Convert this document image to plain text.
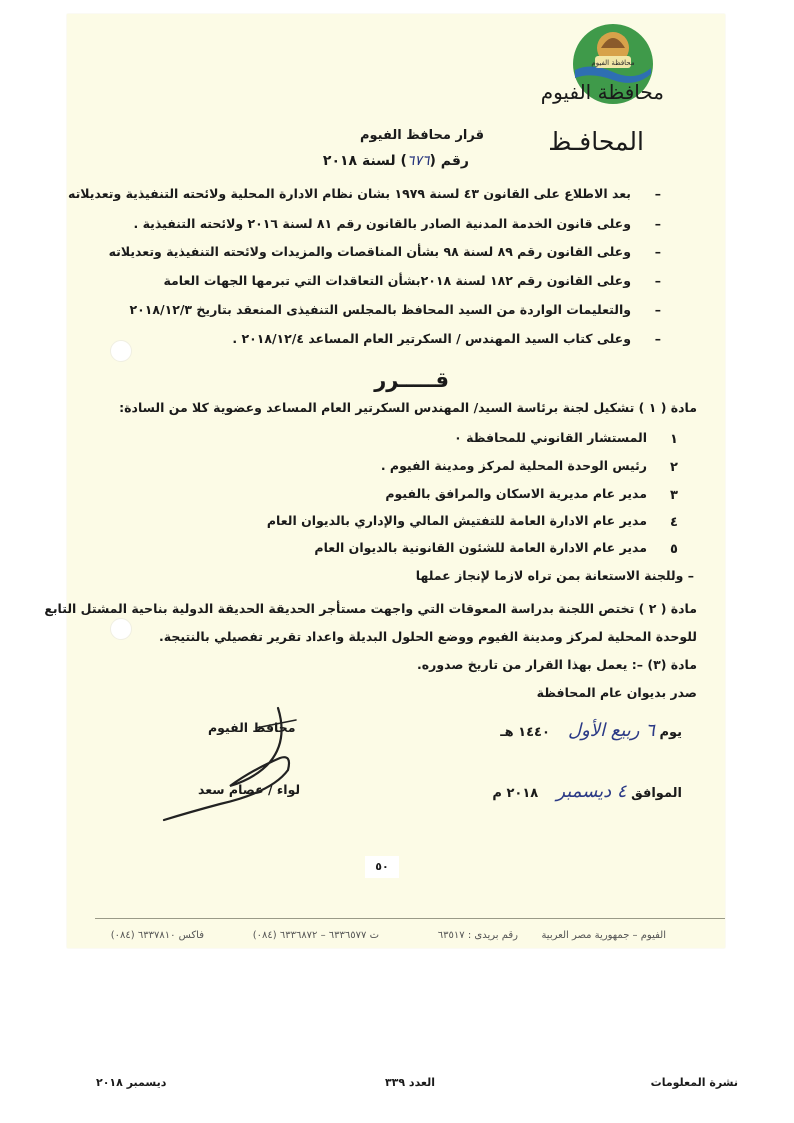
محافظة الفيوم
محافظة الفيوم
المحافـظ
قرار محافظ الفيوم
رقم (٦٧٦) لسنة ٢٠١٨
–بعد الاطلاع على القانون ٤٣ لسنة ١٩٧٩ بشان نظام الادارة المحلية ولائحته التنفيذية وتعديلاته
–وعلى قانون الخدمة المدنية الصادر بالقانون رقم ٨١ لسنة ٢٠١٦ ولائحته التنفيذية .
–وعلى القانون رقم ٨٩ لسنة ٩٨ بشأن المناقصات والمزيدات ولائحته التنفيذية وتعديلاته
–وعلى القانون رقم ١٨٢ لسنة ٢٠١٨بشأن التعاقدات التي تبرمها الجهات العامة
–والتعليمات الواردة من السيد المحافظ بالمجلس التنفيذى المنعقد بتاريخ ٢٠١٨/١٢/٣
–وعلى كتاب السيد المهندس / السكرتير العام المساعد ٢٠١٨/١٢/٤ .
قـــــرر
مادة ( ١ ) تشكيل لجنة برئاسة السيد/ المهندس السكرتير العام المساعد وعضوية كلا من السادة:
١
المستشار القانوني للمحافظة ٠
٢
رئيس الوحدة المحلية لمركز ومدينة الفيوم .
٣
مدير عام مديرية الاسكان والمرافق بالفيوم
٤
مدير عام الادارة العامة للتفتيش المالي والإداري بالديوان العام
٥
مدير عام الادارة العامة للشئون القانونية بالديوان العام
– وللجنة الاستعانة بمن تراه لازما لإنجاز عملها
مادة ( ٢ ) تختص اللجنة بدراسة المعوقات التي واجهت مستأجر الحديقة الحديقة الدولية بناحية المشتل التابع
للوحدة المحلية لمركز ومدينة الفيوم ووضع الحلول البديلة واعداد تقرير تفصيلي بالنتيجة.
مادة (٣) –: يعمل بهذا القرار من تاريخ صدوره.
صدر بديوان عام المحافظة
يوم ٦ ربيع الأول    ١٤٤٠ هـ
الموافق ٤ ديسمبر    ٢٠١٨ م
محافظ الفيوم
لواء / عصام سعد
٥٠
الفيوم – جمهورية مصر العربية
رقم بريدى : ٦٣٥١٧
ت ٦٣٣٦٥٧٧ – ٦٣٣٦٨٧٢ (٠٨٤)
فاكس ٦٣٣٧٨١٠ (٠٨٤)
نشرة المعلومات
العدد ٣٣٩
ديسمبر ٢٠١٨
